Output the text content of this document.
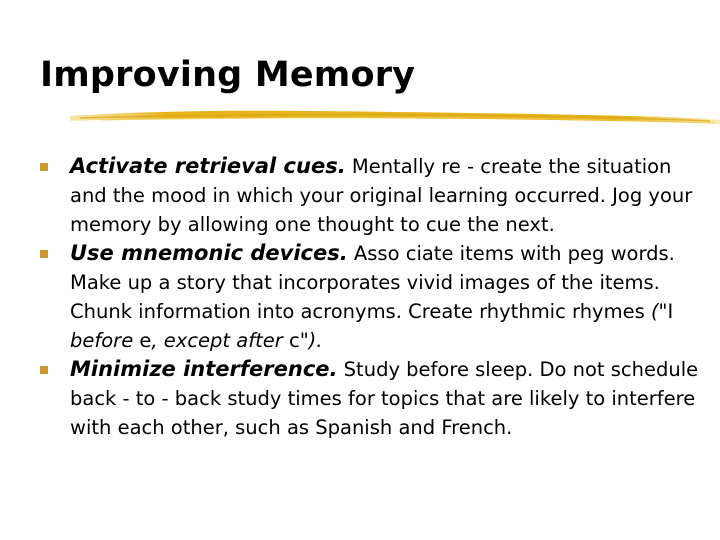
Improving Memory
Activate retrieval cues. Mentally re - create the situation and the mood in which your original learning occurred. Jog your memory by allowing one thought to cue the next.
Use mnemonic devices. Asso ciate items with peg words. Make up a story that incorporates vivid images of the items. Chunk information into acronyms. Create rhythmic rhymes ("I before e, except after c").
Minimize interference. Study before sleep. Do not schedule back - to - back study times for topics that are likely to interfere with each other, such as Spanish and French.
